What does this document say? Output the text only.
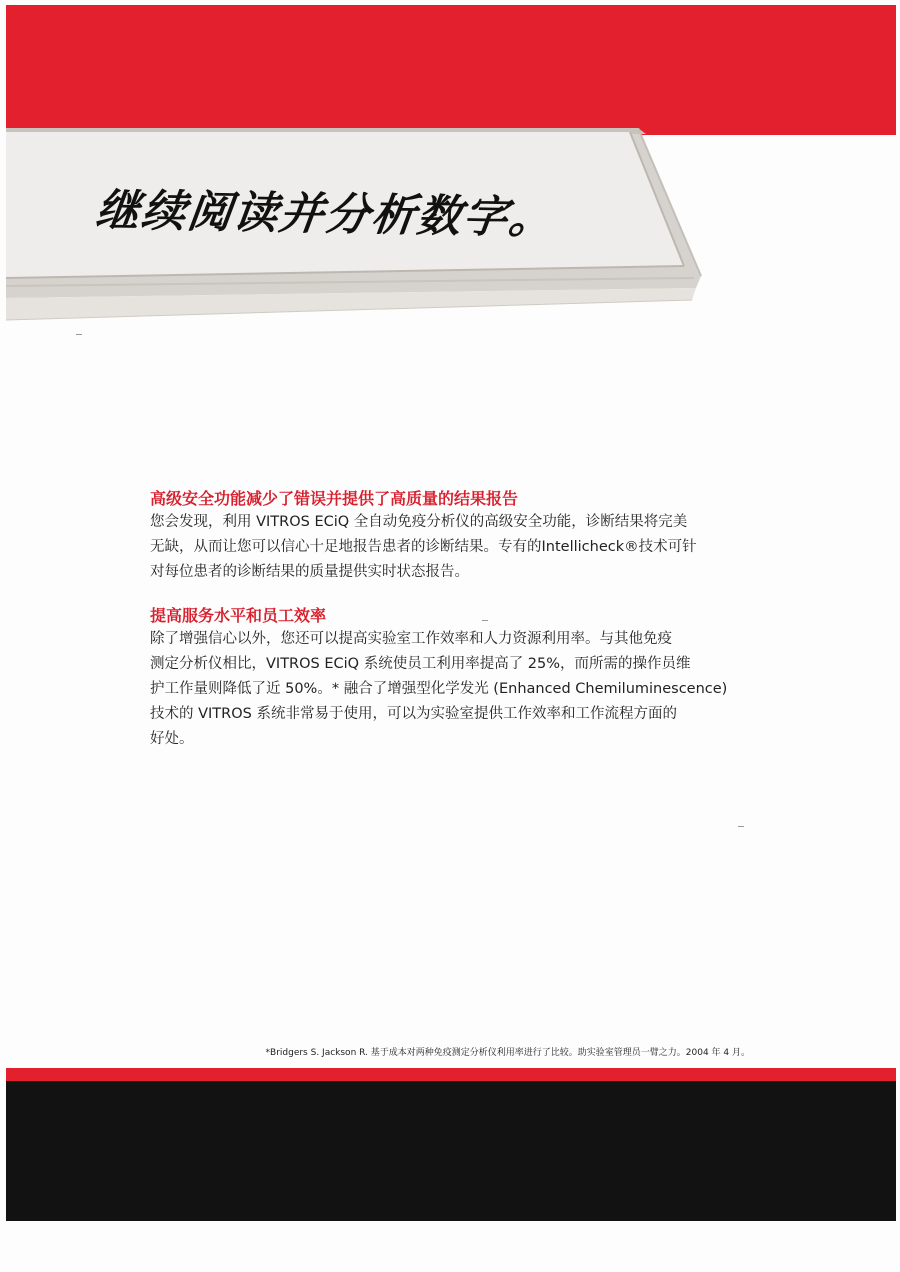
继续阅读并分析数字。
高级安全功能减少了错误并提供了高质量的结果报告

您会发现，利用 VITROS ECiQ 全自动免疫分析仪的高级安全功能，诊断结果将完美
无缺，从而让您可以信心十足地报告患者的诊断结果。专有的Intellicheck®技术可针
对每位患者的诊断结果的质量提供实时状态报告。

提高服务水平和员工效率

除了增强信心以外，您还可以提高实验室工作效率和人力资源利用率。与其他免疫
测定分析仪相比，VITROS ECiQ 系统使员工利用率提高了 25%，而所需的操作员维
护工作量则降低了近 50%。* 融合了增强型化学发光 (Enhanced Chemiluminescence)
技术的 VITROS 系统非常易于使用，可以为实验室提供工作效率和工作流程方面的
好处。

*Bridgers S. Jackson R. 基于成本对两种免疫测定分析仪利用率进行了比较。助实验室管理员一臂之力。2004 年 4 月。
